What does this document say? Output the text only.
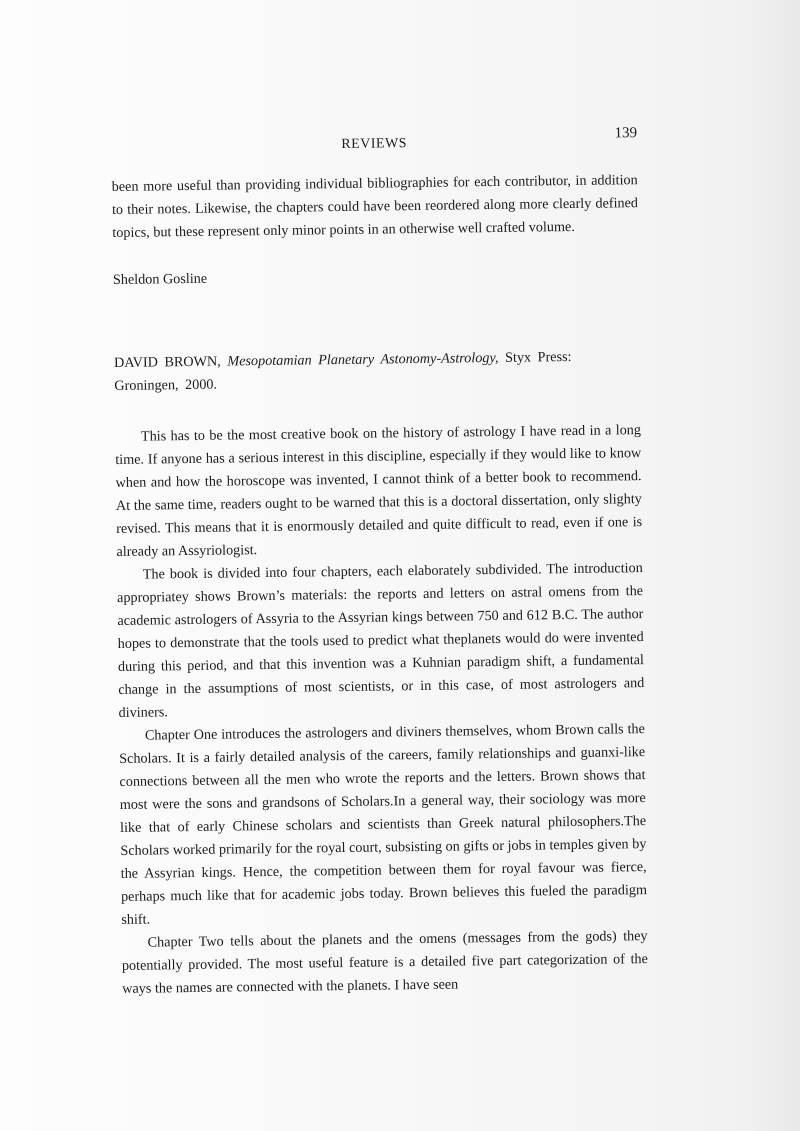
REVIEWS
139

been more useful than providing individual bibliographies for each contributor, in addition to their notes. Likewise, the chapters could have been reordered along more clearly defined topics, but these represent only minor points in an otherwise well crafted volume.

Sheldon Gosline

DAVID BROWN, Mesopotamian Planetary Astonomy-Astrology, Styx Press: Groningen, 2000.

This has to be the most creative book on the history of astrology I have read in a long time. If anyone has a serious interest in this discipline, especially if they would like to know when and how the horoscope was invented, I cannot think of a better book to recommend. At the same time, readers ought to be warned that this is a doctoral dissertation, only slighty revised. This means that it is enormously detailed and quite difficult to read, even if one is already an Assyriologist.

The book is divided into four chapters, each elaborately subdivided. The introduction appropriatey shows Brown’s materials: the reports and letters on astral omens from the academic astrologers of Assyria to the Assyrian kings between 750 and 612 B.C. The author hopes to demonstrate that the tools used to predict what theplanets would do were invented during this period, and that this invention was a Kuhnian paradigm shift, a fundamental change in the assumptions of most scientists, or in this case, of most astrologers and diviners.

Chapter One introduces the astrologers and diviners themselves, whom Brown calls the Scholars. It is a fairly detailed analysis of the careers, family relationships and guanxi-like connections between all the men who wrote the reports and the letters. Brown shows that most were the sons and grandsons of Scholars.In a general way, their sociology was more like that of early Chinese scholars and scientists than Greek natural philosophers.The Scholars worked primarily for the royal court, subsisting on gifts or jobs in temples given by the Assyrian kings. Hence, the competition between them for royal favour was fierce, perhaps much like that for academic jobs today. Brown believes this fueled the paradigm shift.

Chapter Two tells about the planets and the omens (messages from the gods) they potentially provided. The most useful feature is a detailed five part categorization of the ways the names are connected with the planets. I have seen
